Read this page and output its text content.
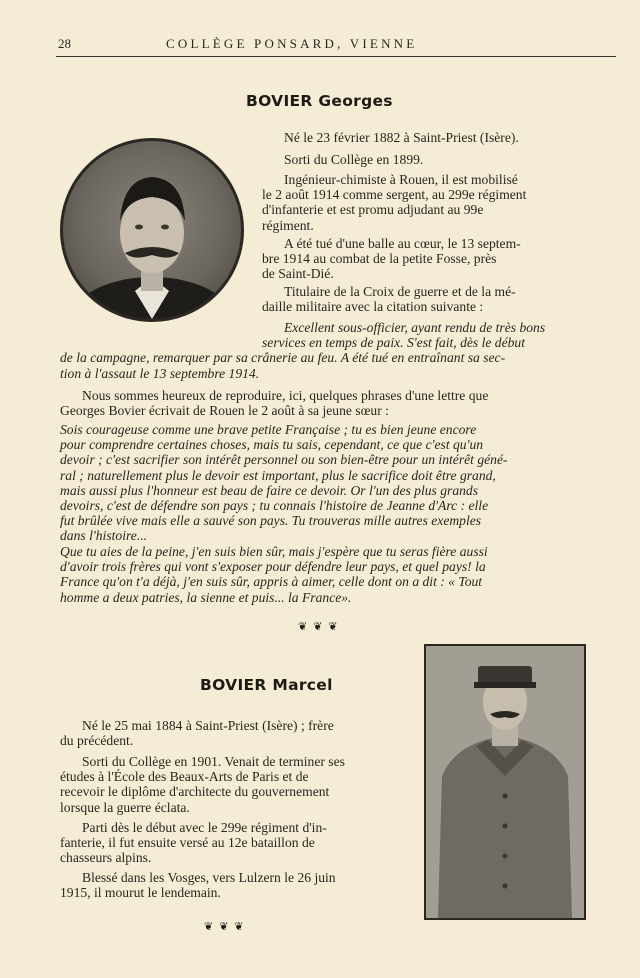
28	COLLÈGE PONSARD, VIENNE
BOVIER Georges
Né le 23 février 1882 à Saint-Priest (Isère).
Sorti du Collège en 1899.
Ingénieur-chimiste à Rouen, il est mobilisé
le 2 août 1914 comme sergent, au 299e régiment
d'infanterie et est promu adjudant au 99e
régiment.
A été tué d'une balle au cœur, le 13 septem-
bre 1914 au combat de la petite Fosse, près
de Saint-Dié.
Titulaire de la Croix de guerre et de la mé-
daille militaire avec la citation suivante :
Excellent sous-officier, ayant rendu de très bons
services en temps de paix. S'est fait, dès le début
de la campagne, remarquer par sa crânerie au feu. A été tué en entraînant sa sec-
tion à l'assaut le 13 septembre 1914.
Nous sommes heureux de reproduire, ici, quelques phrases d'une lettre que
Georges Bovier écrivait de Rouen le 2 août à sa jeune sœur :
Sois courageuse comme une brave petite Française ; tu es bien jeune encore
pour comprendre certaines choses, mais tu sais, cependant, ce que c'est qu'un
devoir ; c'est sacrifier son intérêt personnel ou son bien-être pour un intérêt géné-
ral ; naturellement plus le devoir est important, plus le sacrifice doit être grand,
mais aussi plus l'honneur est beau de faire ce devoir. Or l'un des plus grands
devoirs, c'est de défendre son pays ; tu connais l'histoire de Jeanne d'Arc : elle
fut brûlée vive mais elle a sauvé son pays. Tu trouveras mille autres exemples
dans l'histoire...
Que tu aies de la peine, j'en suis bien sûr, mais j'espère que tu seras fière aussi
d'avoir trois frères qui vont s'exposer pour défendre leur pays, et quel pays! la
France qu'on t'a déjà, j'en suis sûr, appris à aimer, celle dont on a dit : « Tout
homme a deux patries, la sienne et puis... la France».
❦❦❦
BOVIER Marcel
Né le 25 mai 1884 à Saint-Priest (Isère) ; frère
du précédent.
Sorti du Collège en 1901. Venait de terminer ses
études à l'École des Beaux-Arts de Paris et de
recevoir le diplôme d'architecte du gouvernement
lorsque la guerre éclata.
Parti dès le début avec le 299e régiment d'in-
fanterie, il fut ensuite versé au 12e bataillon de
chasseurs alpins.
Blessé dans les Vosges, vers Lulzern le 26 juin
1915, il mourut le lendemain.
❦❦❦
